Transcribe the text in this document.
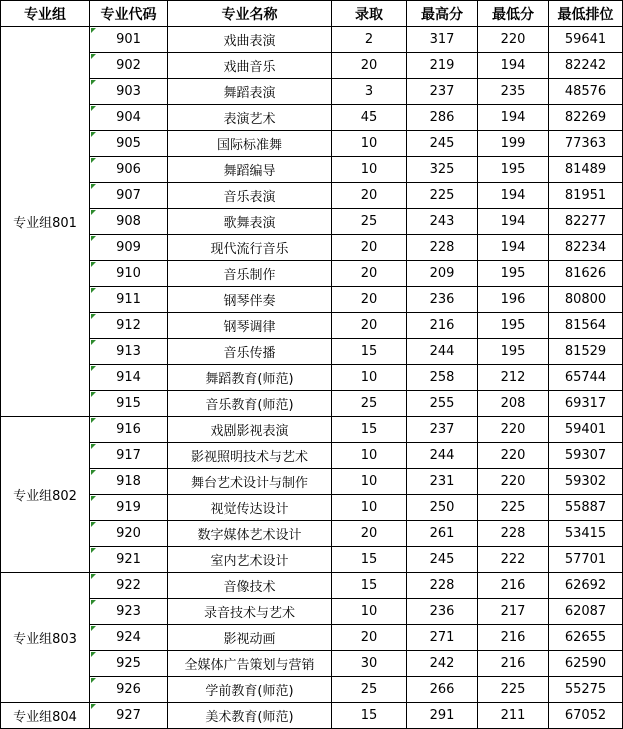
专业组	专业代码	专业名称	录取	最高分	最低分	最低排位
专业组801	901	戏曲表演	2	317	220	59641
	902	戏曲音乐	20	219	194	82242
	903	舞蹈表演	3	237	235	48576
	904	表演艺术	45	286	194	82269
	905	国际标准舞	10	245	199	77363
	906	舞蹈编导	10	325	195	81489
	907	音乐表演	20	225	194	81951
	908	歌舞表演	25	243	194	82277
	909	现代流行音乐	20	228	194	82234
	910	音乐制作	20	209	195	81626
	911	钢琴伴奏	20	236	196	80800
	912	钢琴调律	20	216	195	81564
	913	音乐传播	15	244	195	81529
	914	舞蹈教育(师范)	10	258	212	65744
	915	音乐教育(师范)	25	255	208	69317
专业组802	916	戏剧影视表演	15	237	220	59401
	917	影视照明技术与艺术	10	244	220	59307
	918	舞台艺术设计与制作	10	231	220	59302
	919	视觉传达设计	10	250	225	55887
	920	数字媒体艺术设计	20	261	228	53415
	921	室内艺术设计	15	245	222	57701
专业组803	922	音像技术	15	228	216	62692
	923	录音技术与艺术	10	236	217	62087
	924	影视动画	20	271	216	62655
	925	全媒体广告策划与营销	30	242	216	62590
	926	学前教育(师范)	25	266	225	55275
专业组804	927	美术教育(师范)	15	291	211	67052
